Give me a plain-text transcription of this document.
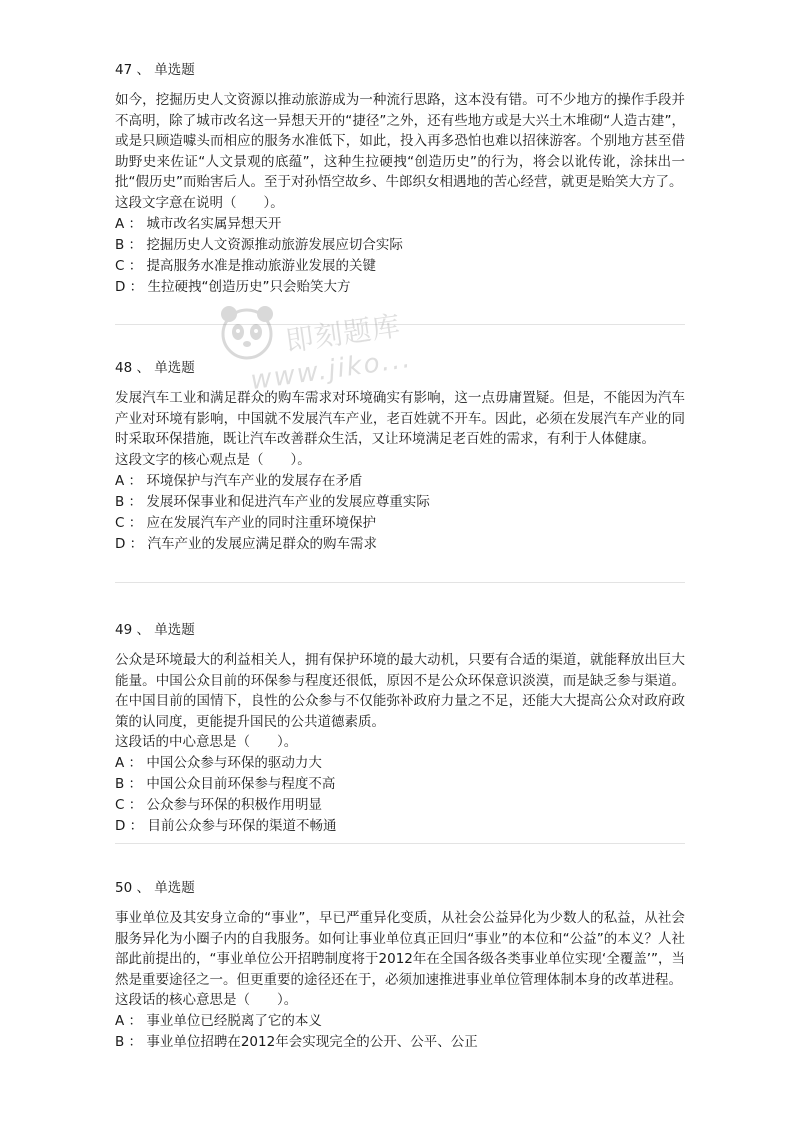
47 、 单选题

如今，挖掘历史人文资源以推动旅游成为一种流行思路，这本没有错。可不少地方的操作手段并不高明，除了城市改名这一异想天开的“捷径”之外，还有些地方或是大兴土木堆砌“人造古建”，或是只顾造噱头而相应的服务水准低下，如此，投入再多恐怕也难以招徕游客。个别地方甚至借助野史来佐证“人文景观的底蕴”，这种生拉硬拽“创造历史”的行为，将会以讹传讹，涂抹出一批“假历史”而贻害后人。至于对孙悟空故乡、牛郎织女相遇地的苦心经营，就更是贻笑大方了。

这段文字意在说明（　　）。

A ： 城市改名实属异想天开

B ： 挖掘历史人文资源推动旅游发展应切合实际

C ： 提高服务水准是推动旅游业发展的关键

D ： 生拉硬拽“创造历史”只会贻笑大方

48 、 单选题

发展汽车工业和满足群众的购车需求对环境确实有影响，这一点毋庸置疑。但是，不能因为汽车产业对环境有影响，中国就不发展汽车产业，老百姓就不开车。因此，必须在发展汽车产业的同时采取环保措施，既让汽车改善群众生活，又让环境满足老百姓的需求，有利于人体健康。

这段文字的核心观点是（　　）。

A ： 环境保护与汽车产业的发展存在矛盾

B ： 发展环保事业和促进汽车产业的发展应尊重实际

C ： 应在发展汽车产业的同时注重环境保护

D ： 汽车产业的发展应满足群众的购车需求

49 、 单选题

公众是环境最大的利益相关人，拥有保护环境的最大动机，只要有合适的渠道，就能释放出巨大能量。中国公众目前的环保参与程度还很低，原因不是公众环保意识淡漠，而是缺乏参与渠道。在中国目前的国情下，良性的公众参与不仅能弥补政府力量之不足，还能大大提高公众对政府政策的认同度，更能提升国民的公共道德素质。

这段话的中心意思是（　　）。

A ： 中国公众参与环保的驱动力大

B ： 中国公众目前环保参与程度不高

C ： 公众参与环保的积极作用明显

D ： 目前公众参与环保的渠道不畅通

50 、 单选题

事业单位及其安身立命的“事业”，早已严重异化变质，从社会公益异化为少数人的私益，从社会服务异化为小圈子内的自我服务。如何让事业单位真正回归“事业”的本位和“公益”的本义？人社部此前提出的，“事业单位公开招聘制度将于2012年在全国各级各类事业单位实现‘全覆盖’”，当然是重要途径之一。但更重要的途径还在于，必须加速推进事业单位管理体制本身的改革进程。

这段话的核心意思是（　　）。

A ： 事业单位已经脱离了它的本义

B ： 事业单位招聘在2012年会实现完全的公开、公平、公正

即刻题库
www.jiko...
